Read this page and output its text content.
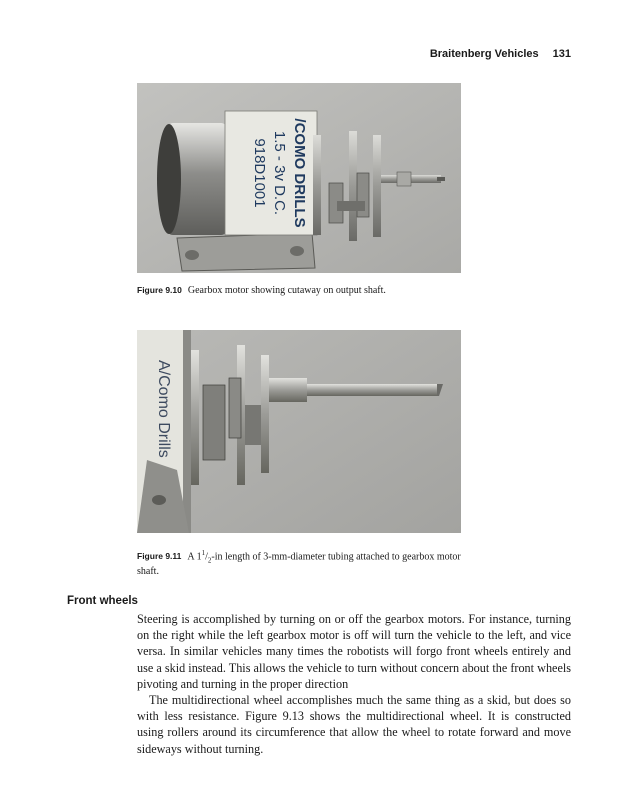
Braitenberg Vehicles 131
/COMO DRILLS
1.5 - 3v D.C.
918D1001
Figure 9.10 Gearbox motor showing cutaway on output shaft.
A/Como Drills
Figure 9.11 A $1^1/_2-in$ length of 3-mm-diameter tubing attached to gearbox motor shaft.
Front wheels

Steering is accomplished by turning on or off the gearbox motors. For instance, turning on the right while the left gearbox motor is off will turn the vehicle to the left, and vice versa. In similar vehicles many times the robotists will forgo front wheels entirely and use a skid instead. This allows the vehicle to turn without concern about the front wheels pivoting and turning in the proper direction

The multidirectional wheel accomplishes much the same thing as a skid, but does so with less resistance. Figure 9.13 shows the multidirectional wheel. It is constructed using rollers around its circumference that allow the wheel to rotate forward and move sideways without turning.
